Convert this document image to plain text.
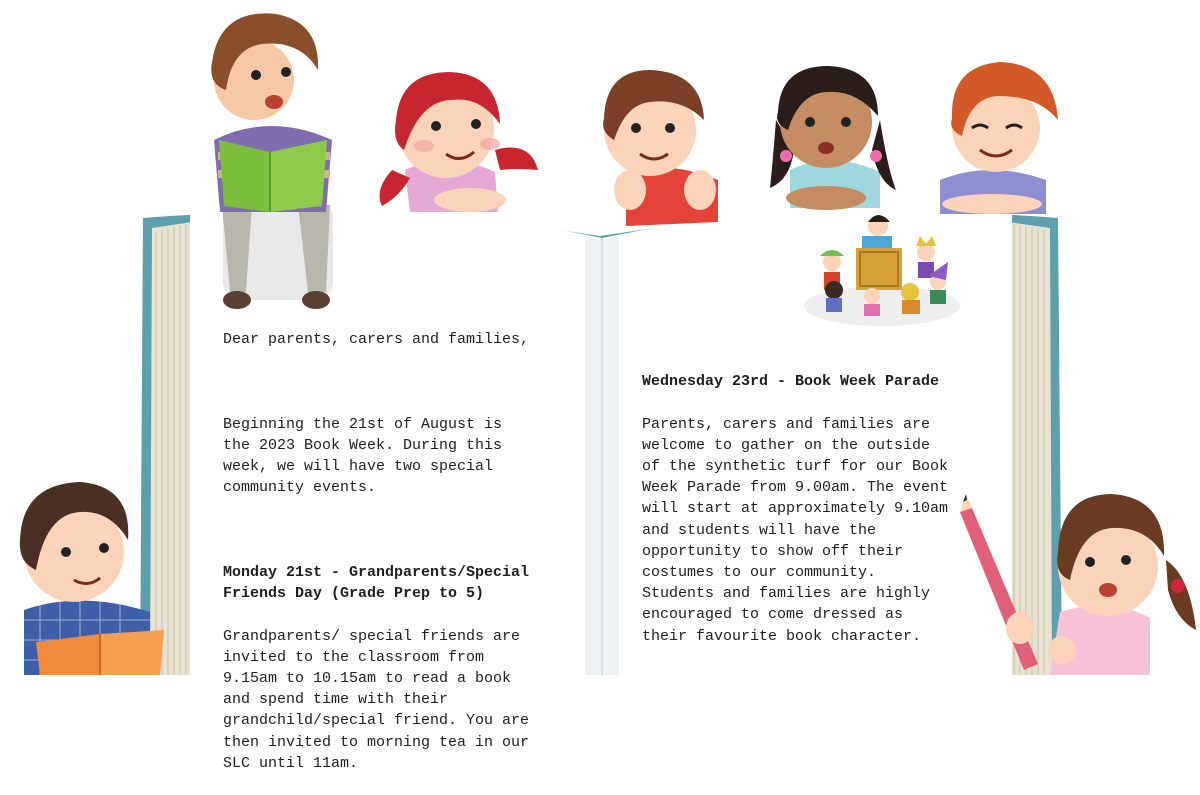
Dear parents, carers and families,

Beginning the 21st of August is
the 2023 Book Week. During this
week, we will have two special
community events.

Monday 21st - Grandparents/Special
Friends Day (Grade Prep to 5)

Grandparents/ special friends are
invited to the classroom from
9.15am to 10.15am to read a book
and spend time with their
grandchild/special friend. You are
then invited to morning tea in our
SLC until 11am.

Wednesday 23rd - Book Week Parade

Parents, carers and families are
welcome to gather on the outside
of the synthetic turf for our Book
Week Parade from 9.00am. The event
will start at approximately 9.10am
and students will have the
opportunity to show off their
costumes to our community.
Students and families are highly
encouraged to come dressed as
their favourite book character.
